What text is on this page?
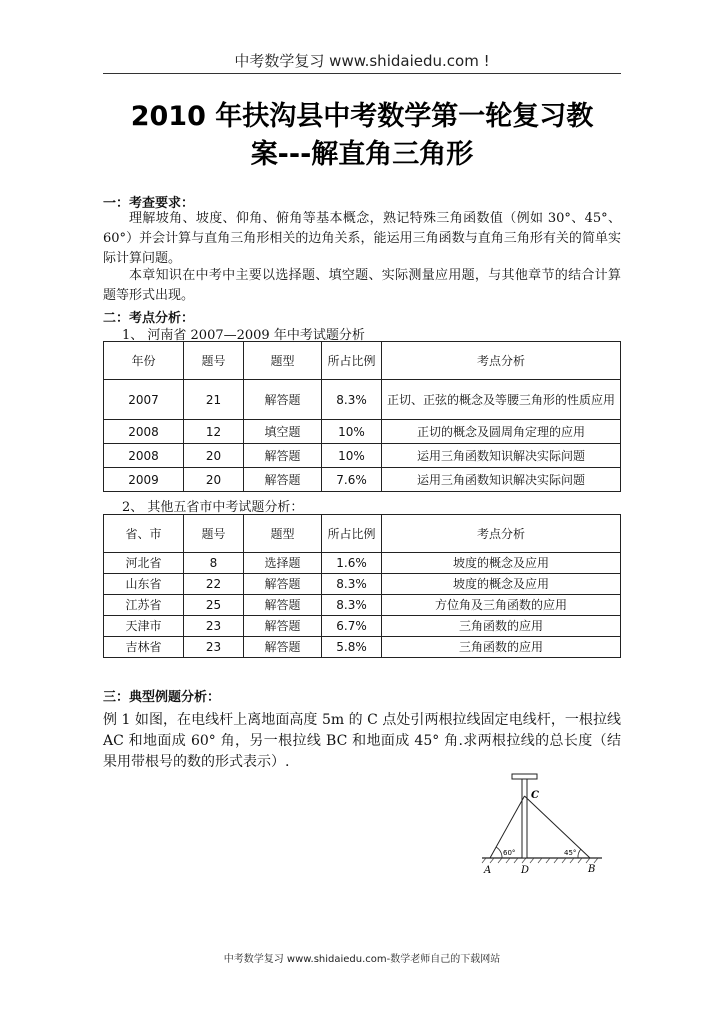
中考数学复习 www.shidaiedu.com !
2010 年扶沟县中考数学第一轮复习教
案---解直角三角形
一：考查要求：
理解坡角、坡度、仰角、俯角等基本概念，熟记特殊三角函数值（例如 30°、45°、60°）并会计算与直角三角形相关的边角关系，能运用三角函数与直角三角形有关的简单实际计算问题。
本章知识在中考中主要以选择题、填空题、实际测量应用题，与其他章节的结合计算题等形式出现。
二：考点分析：
1、 河南省 2007—2009 年中考试题分析
年份	题号	题型	所占比例	考点分析
2007	21	解答题	8.3%	正切、正弦的概念及等腰三角形的性质应用
2008	12	填空题	10%	正切的概念及圆周角定理的应用
2008	20	解答题	10%	运用三角函数知识解决实际问题
2009	20	解答题	7.6%	运用三角函数知识解决实际问题
2、 其他五省市中考试题分析：
省、市	题号	题型	所占比例	考点分析
河北省	8	选择题	1.6%	坡度的概念及应用
山东省	22	解答题	8.3%	坡度的概念及应用
江苏省	25	解答题	8.3%	方位角及三角函数的应用
天津市	23	解答题	6.7%	三角函数的应用
吉林省	23	解答题	5.8%	三角函数的应用
三：典型例题分析：
例 1 如图，在电线杆上离地面高度 5m 的 C 点处引两根拉线固定电线杆，一根拉线 AC 和地面成 60° 角，另一根拉线 BC 和地面成 45° 角.求两根拉线的总长度（结果用带根号的数的形式表示）.
C
A	D	B
60°	45°
中考数学复习 www.shidaiedu.com-数学老师自己的下载网站
